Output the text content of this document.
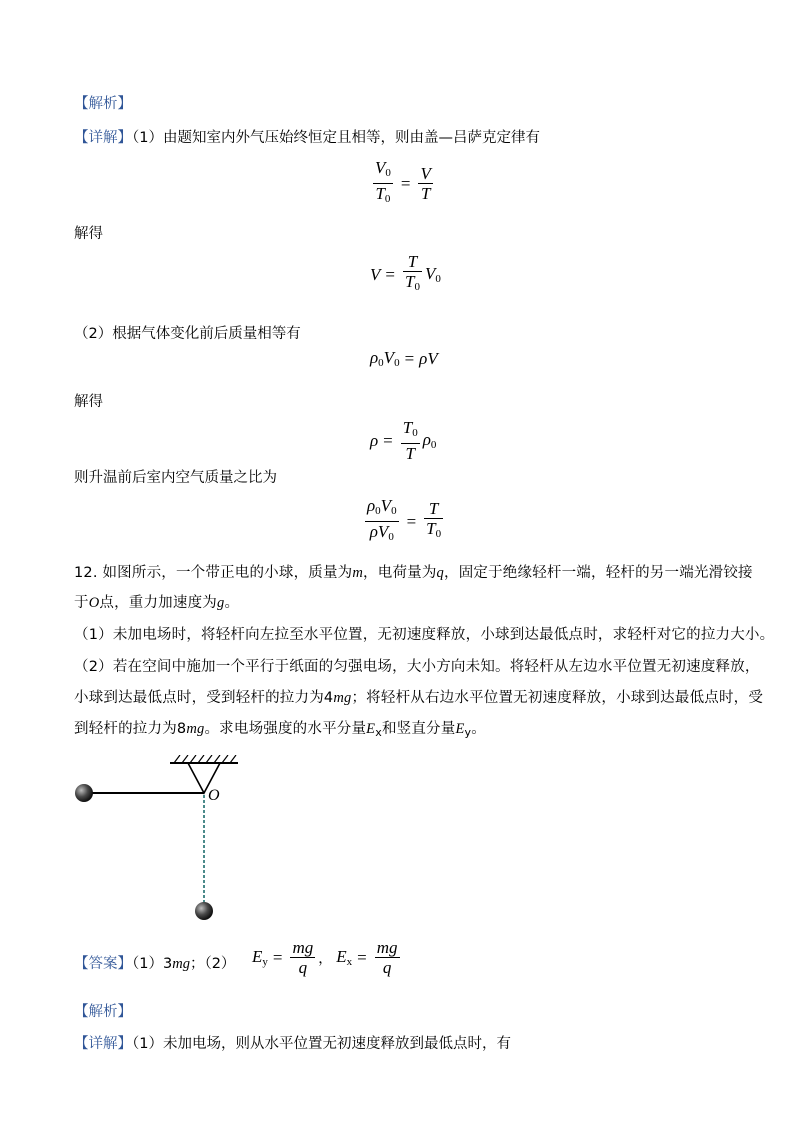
【解析】
【详解】（1）由题知室内外气压始终恒定且相等，则由盖—吕萨克定律有
$\frac{V_0}{T_0} = \frac{V}{T}$
解得
$V = \frac{T}{T_0} V_0$
（2）根据气体变化前后质量相等有
$\rho_0V_0 = \rho V$
解得
$\rho = \frac{T_0}{T} \rho_0$
则升温前后室内空气质量之比为
$\frac{\rho_0V_0}{\rho V_0} = \frac{T}{T_0}$
12. 如图所示，一个带正电的小球，质量为m，电荷量为q，固定于绝缘轻杆一端，轻杆的另一端光滑铰接
于O点，重力加速度为g。
（1）未加电场时，将轻杆向左拉至水平位置，无初速度释放，小球到达最低点时，求轻杆对它的拉力大小。
（2）若在空间中施加一个平行于纸面的匀强电场，大小方向未知。将轻杆从左边水平位置无初速度释放，
小球到达最低点时，受到轻杆的拉力为4mg；将轻杆从右边水平位置无初速度释放，小球到达最低点时，受
到轻杆的拉力为8mg。求电场强度的水平分量$E_x$和竖直分量$E_y$。
O
【答案】（1）3mg；（2） $E_y = \frac{mg}{q}$ ， $E_x = \frac{mg}{q}$
【解析】
【详解】（1）未加电场，则从水平位置无初速度释放到最低点时，有
